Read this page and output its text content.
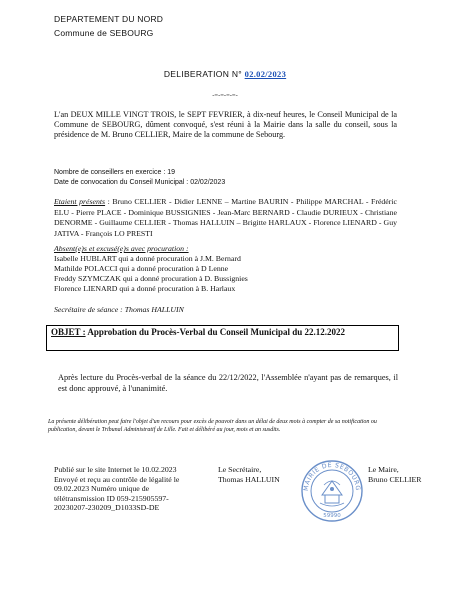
DEPARTEMENT DU NORD
Commune de SEBOURG
DELIBERATION N° 02.02/2023
-=-=-=-=-
L'an DEUX MILLE VINGT TROIS, le SEPT FEVRIER, à dix-neuf heures, le Conseil Municipal de la Commune de SEBOURG, dûment convoqué, s'est réuni à la Mairie dans la salle du conseil, sous la présidence de M. Bruno CELLIER, Maire de la commune de Sebourg.
Nombre de conseillers en exercice : 19
Date de convocation du Conseil Municipal : 02/02/2023
Etaient présents : Bruno CELLIER - Didier LENNE – Martine BAURIN - Philippe MARCHAL - Frédéric ELU - Pierre PLACE - Dominique BUSSIGNIES - Jean-Marc BERNARD - Claudie DURIEUX - Christiane DENORME - Guillaume CELLIER - Thomas HALLUIN – Brigitte HARLAUX - Florence LIENARD - Guy JATIVA - François LO PRESTI
Absent(e)s et excusé(e)s avec procuration :
Isabelle HUBLART qui a donné procuration à J.M. Bernard
Mathilde POLACCI qui a donné procuration à D Lenne
Freddy SZYMCZAK qui a donné procuration à D. Bussignies
Florence LIENARD qui a donné procuration à B. Harlaux
Secrétaire de séance : Thomas HALLUIN
OBJET : Approbation du Procès-Verbal du Conseil Municipal du 22.12.2022
Après lecture du Procès-verbal de la séance du 22/12/2022, l'Assemblée n'ayant pas de remarques, il est donc approuvé, à l'unanimité.
La présente délibération peut faire l'objet d'un recours pour excès de pouvoir dans un délai de deux mois à compter de sa notification ou publication, devant le Tribunal Administratif de Lille. Fait et délibéré au jour, mois et an susdits.
Publié sur le site Internet le 10.02.2023
Envoyé et reçu au contrôle de légalité le
09.02.2023 Numéro unique de
télétransmission ID 059-215905597-
20230207-230209_D1033SD-DE
Le Secrétaire,
Thomas HALLUIN
Le Maire,
Bruno CELLIER
MAIRIE DE SEBOURG
59990
